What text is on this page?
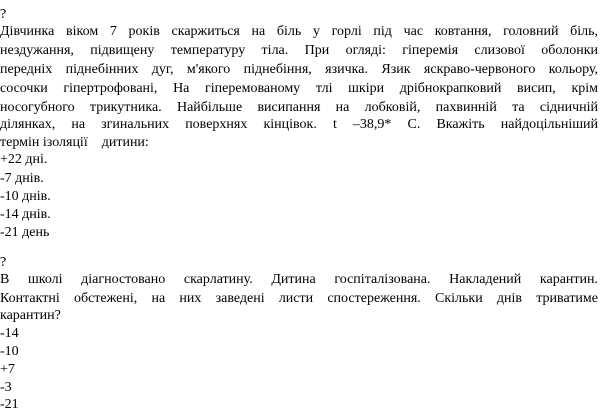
?
Дівчинка віком 7 років скаржиться на біль у горлі під час ковтання, головний біль,
нездужання, підвищену температуру тіла. При огляді: гіперемія слизової оболонки
передніх піднебінних дуг, м'якого піднебіння, язичка. Язик яскраво-червоного кольору,
сосочки гіпертрофовані, На гіперемованому тлі шкіри дрібнокрапковий висип, крім
носогубного трикутника. Найбільше висипання на лобковій, пахвинній та сідничній
ділянках, на згинальних поверхнях кінцівок. t –38,9* С. Вкажіть найдоцільніший
термін ізоляції    дитини:
+22 дні.
-7 днів.
-10 днів.
-14 днів.
-21 день
?
В школі діагностовано скарлатину. Дитина госпіталізована. Накладений карантин.
Контактні обстежені, на них заведені листи спостереження. Скільки днів триватиме
карантин?
-14
-10
+7
-3
-21
